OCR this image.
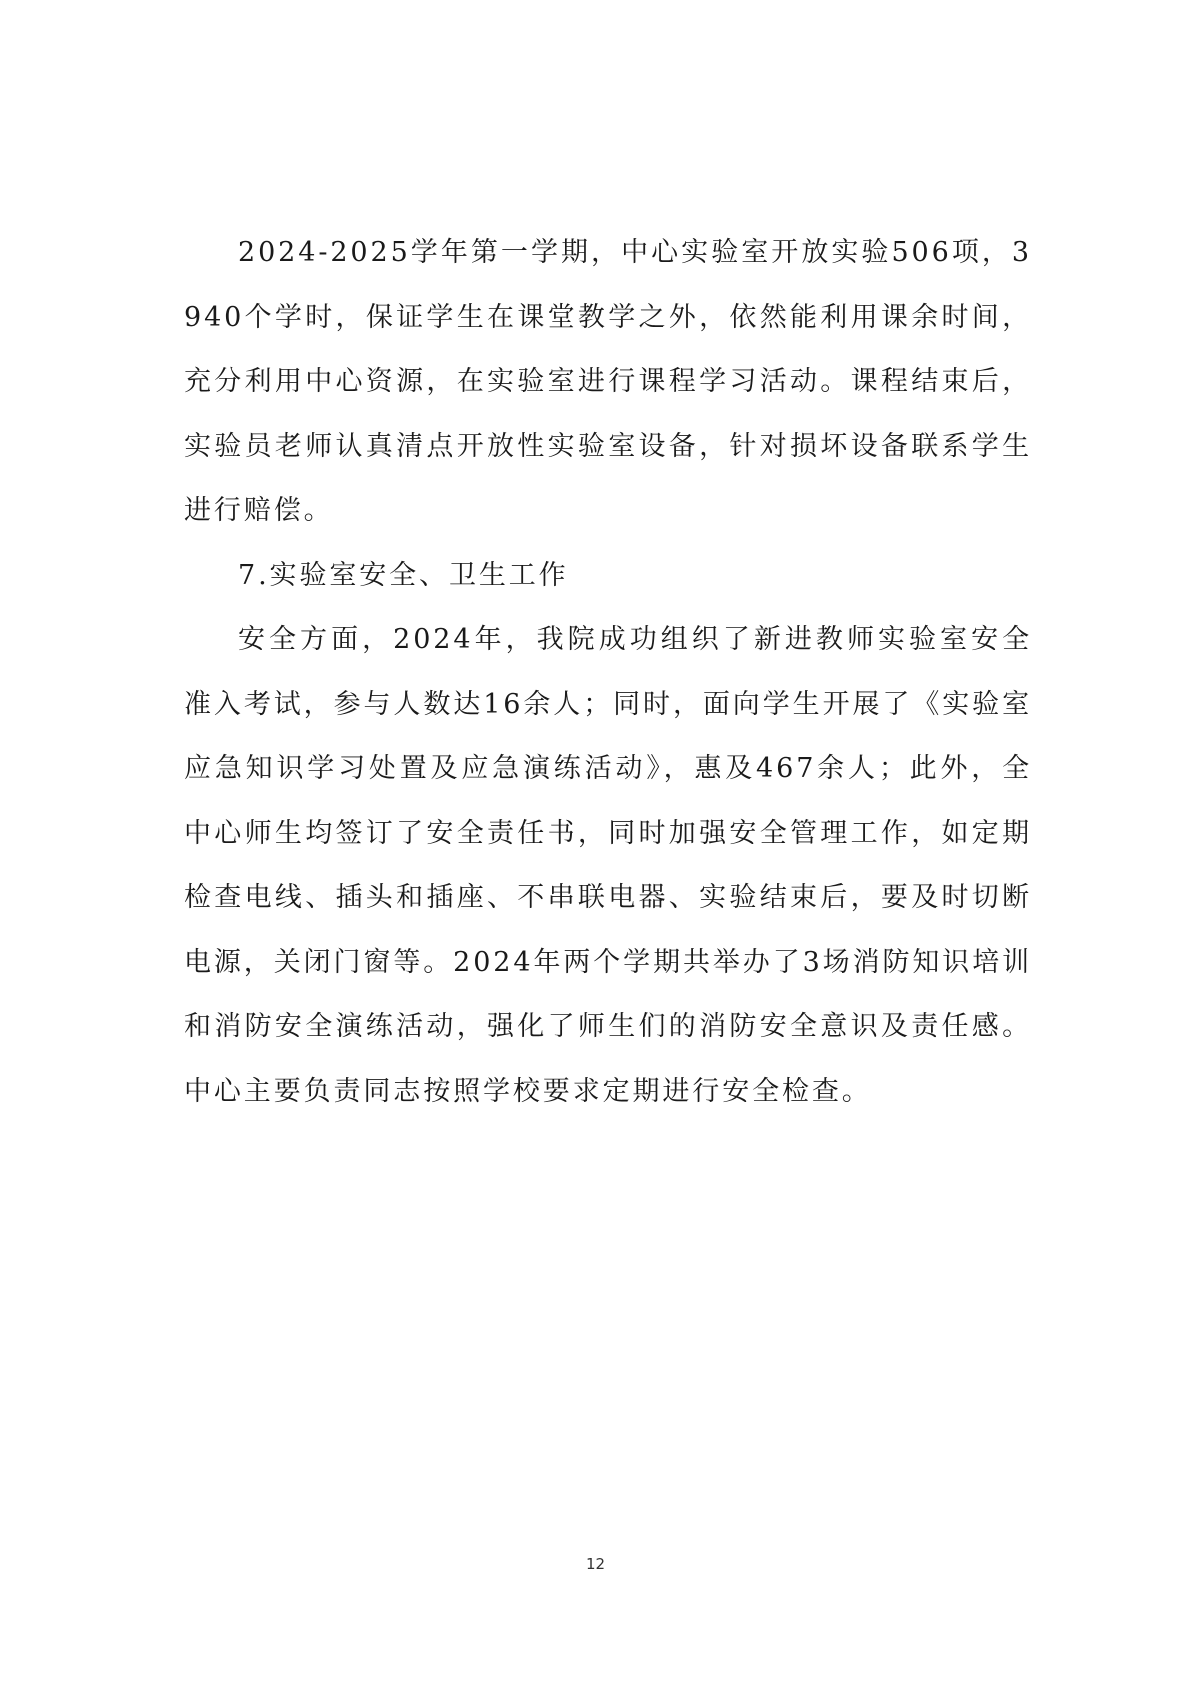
2024-2025学年第一学期，中心实验室开放实验506项，3940个学时，保证学生在课堂教学之外，依然能利用课余时间，充分利用中心资源，在实验室进行课程学习活动。课程结束后，实验员老师认真清点开放性实验室设备，针对损坏设备联系学生进行赔偿。

7.实验室安全、卫生工作

安全方面，2024年，我院成功组织了新进教师实验室安全准入考试，参与人数达16余人；同时，面向学生开展了《实验室应急知识学习处置及应急演练活动》，惠及467余人；此外，全中心师生均签订了安全责任书，同时加强安全管理工作，如定期检查电线、插头和插座、不串联电器、实验结束后，要及时切断电源，关闭门窗等。2024年两个学期共举办了3场消防知识培训和消防安全演练活动，强化了师生们的消防安全意识及责任感。中心主要负责同志按照学校要求定期进行安全检查。

12
